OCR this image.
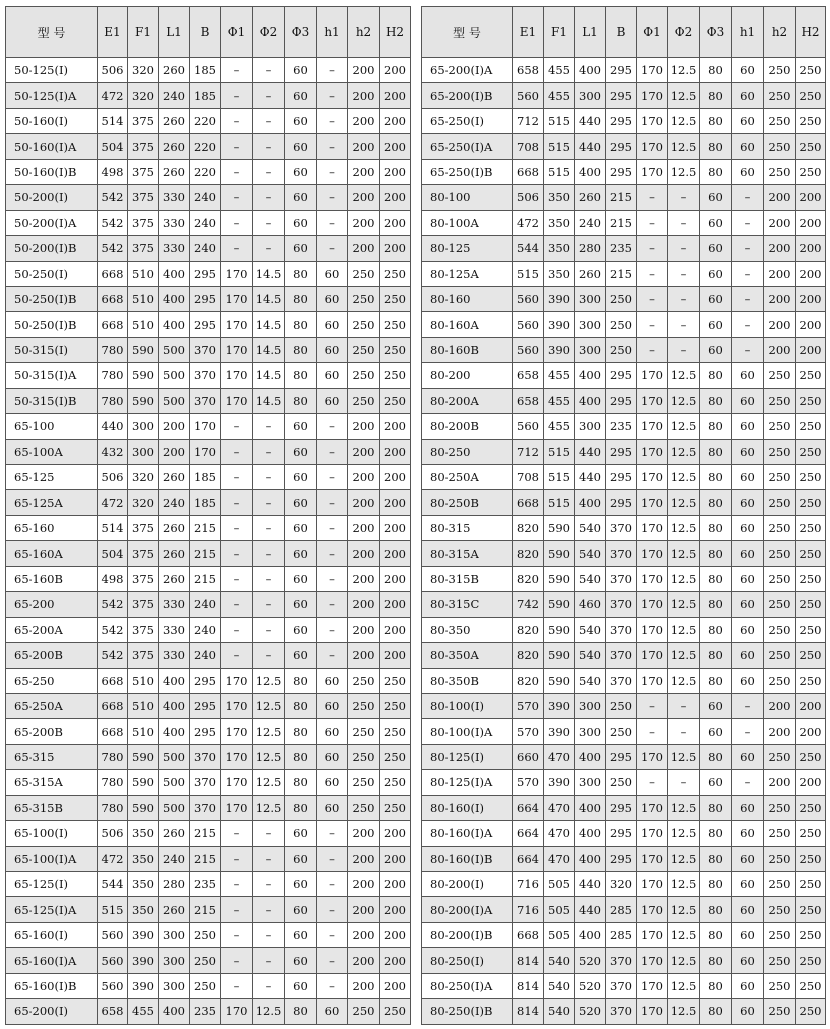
型 号	E1	F1	L1	B	Φ1	Φ2	Φ3	h1	h2	H2
50-125(I)	506	320	260	185	–	–	60	–	200	200
50-125(I)A	472	320	240	185	–	–	60	–	200	200
50-160(I)	514	375	260	220	–	–	60	–	200	200
50-160(I)A	504	375	260	220	–	–	60	–	200	200
50-160(I)B	498	375	260	220	–	–	60	–	200	200
50-200(I)	542	375	330	240	–	–	60	–	200	200
50-200(I)A	542	375	330	240	–	–	60	–	200	200
50-200(I)B	542	375	330	240	–	–	60	–	200	200
50-250(I)	668	510	400	295	170	14.5	80	60	250	250
50-250(I)B	668	510	400	295	170	14.5	80	60	250	250
50-250(I)B	668	510	400	295	170	14.5	80	60	250	250
50-315(I)	780	590	500	370	170	14.5	80	60	250	250
50-315(I)A	780	590	500	370	170	14.5	80	60	250	250
50-315(I)B	780	590	500	370	170	14.5	80	60	250	250
65-100	440	300	200	170	–	–	60	–	200	200
65-100A	432	300	200	170	–	–	60	–	200	200
65-125	506	320	260	185	–	–	60	–	200	200
65-125A	472	320	240	185	–	–	60	–	200	200
65-160	514	375	260	215	–	–	60	–	200	200
65-160A	504	375	260	215	–	–	60	–	200	200
65-160B	498	375	260	215	–	–	60	–	200	200
65-200	542	375	330	240	–	–	60	–	200	200
65-200A	542	375	330	240	–	–	60	–	200	200
65-200B	542	375	330	240	–	–	60	–	200	200
65-250	668	510	400	295	170	12.5	80	60	250	250
65-250A	668	510	400	295	170	12.5	80	60	250	250
65-200B	668	510	400	295	170	12.5	80	60	250	250
65-315	780	590	500	370	170	12.5	80	60	250	250
65-315A	780	590	500	370	170	12.5	80	60	250	250
65-315B	780	590	500	370	170	12.5	80	60	250	250
65-100(I)	506	350	260	215	–	–	60	–	200	200
65-100(I)A	472	350	240	215	–	–	60	–	200	200
65-125(I)	544	350	280	235	–	–	60	–	200	200
65-125(I)A	515	350	260	215	–	–	60	–	200	200
65-160(I)	560	390	300	250	–	–	60	–	200	200
65-160(I)A	560	390	300	250	–	–	60	–	200	200
65-160(I)B	560	390	300	250	–	–	60	–	200	200
65-200(I)	658	455	400	235	170	12.5	80	60	250	250
型 号	E1	F1	L1	B	Φ1	Φ2	Φ3	h1	h2	H2
65-200(I)A	658	455	400	295	170	12.5	80	60	250	250
65-200(I)B	560	455	300	295	170	12.5	80	60	250	250
65-250(I)	712	515	440	295	170	12.5	80	60	250	250
65-250(I)A	708	515	440	295	170	12.5	80	60	250	250
65-250(I)B	668	515	400	295	170	12.5	80	60	250	250
80-100	506	350	260	215	–	–	60	–	200	200
80-100A	472	350	240	215	–	–	60	–	200	200
80-125	544	350	280	235	–	–	60	–	200	200
80-125A	515	350	260	215	–	–	60	–	200	200
80-160	560	390	300	250	–	–	60	–	200	200
80-160A	560	390	300	250	–	–	60	–	200	200
80-160B	560	390	300	250	–	–	60	–	200	200
80-200	658	455	400	295	170	12.5	80	60	250	250
80-200A	658	455	400	295	170	12.5	80	60	250	250
80-200B	560	455	300	235	170	12.5	80	60	250	250
80-250	712	515	440	295	170	12.5	80	60	250	250
80-250A	708	515	440	295	170	12.5	80	60	250	250
80-250B	668	515	400	295	170	12.5	80	60	250	250
80-315	820	590	540	370	170	12.5	80	60	250	250
80-315A	820	590	540	370	170	12.5	80	60	250	250
80-315B	820	590	540	370	170	12.5	80	60	250	250
80-315C	742	590	460	370	170	12.5	80	60	250	250
80-350	820	590	540	370	170	12.5	80	60	250	250
80-350A	820	590	540	370	170	12.5	80	60	250	250
80-350B	820	590	540	370	170	12.5	80	60	250	250
80-100(I)	570	390	300	250	–	–	60	–	200	200
80-100(I)A	570	390	300	250	–	–	60	–	200	200
80-125(I)	660	470	400	295	170	12.5	80	60	250	250
80-125(I)A	570	390	300	250	–	–	60	–	200	200
80-160(I)	664	470	400	295	170	12.5	80	60	250	250
80-160(I)A	664	470	400	295	170	12.5	80	60	250	250
80-160(I)B	664	470	400	295	170	12.5	80	60	250	250
80-200(I)	716	505	440	320	170	12.5	80	60	250	250
80-200(I)A	716	505	440	285	170	12.5	80	60	250	250
80-200(I)B	668	505	400	285	170	12.5	80	60	250	250
80-250(I)	814	540	520	370	170	12.5	80	60	250	250
80-250(I)A	814	540	520	370	170	12.5	80	60	250	250
80-250(I)B	814	540	520	370	170	12.5	80	60	250	250
